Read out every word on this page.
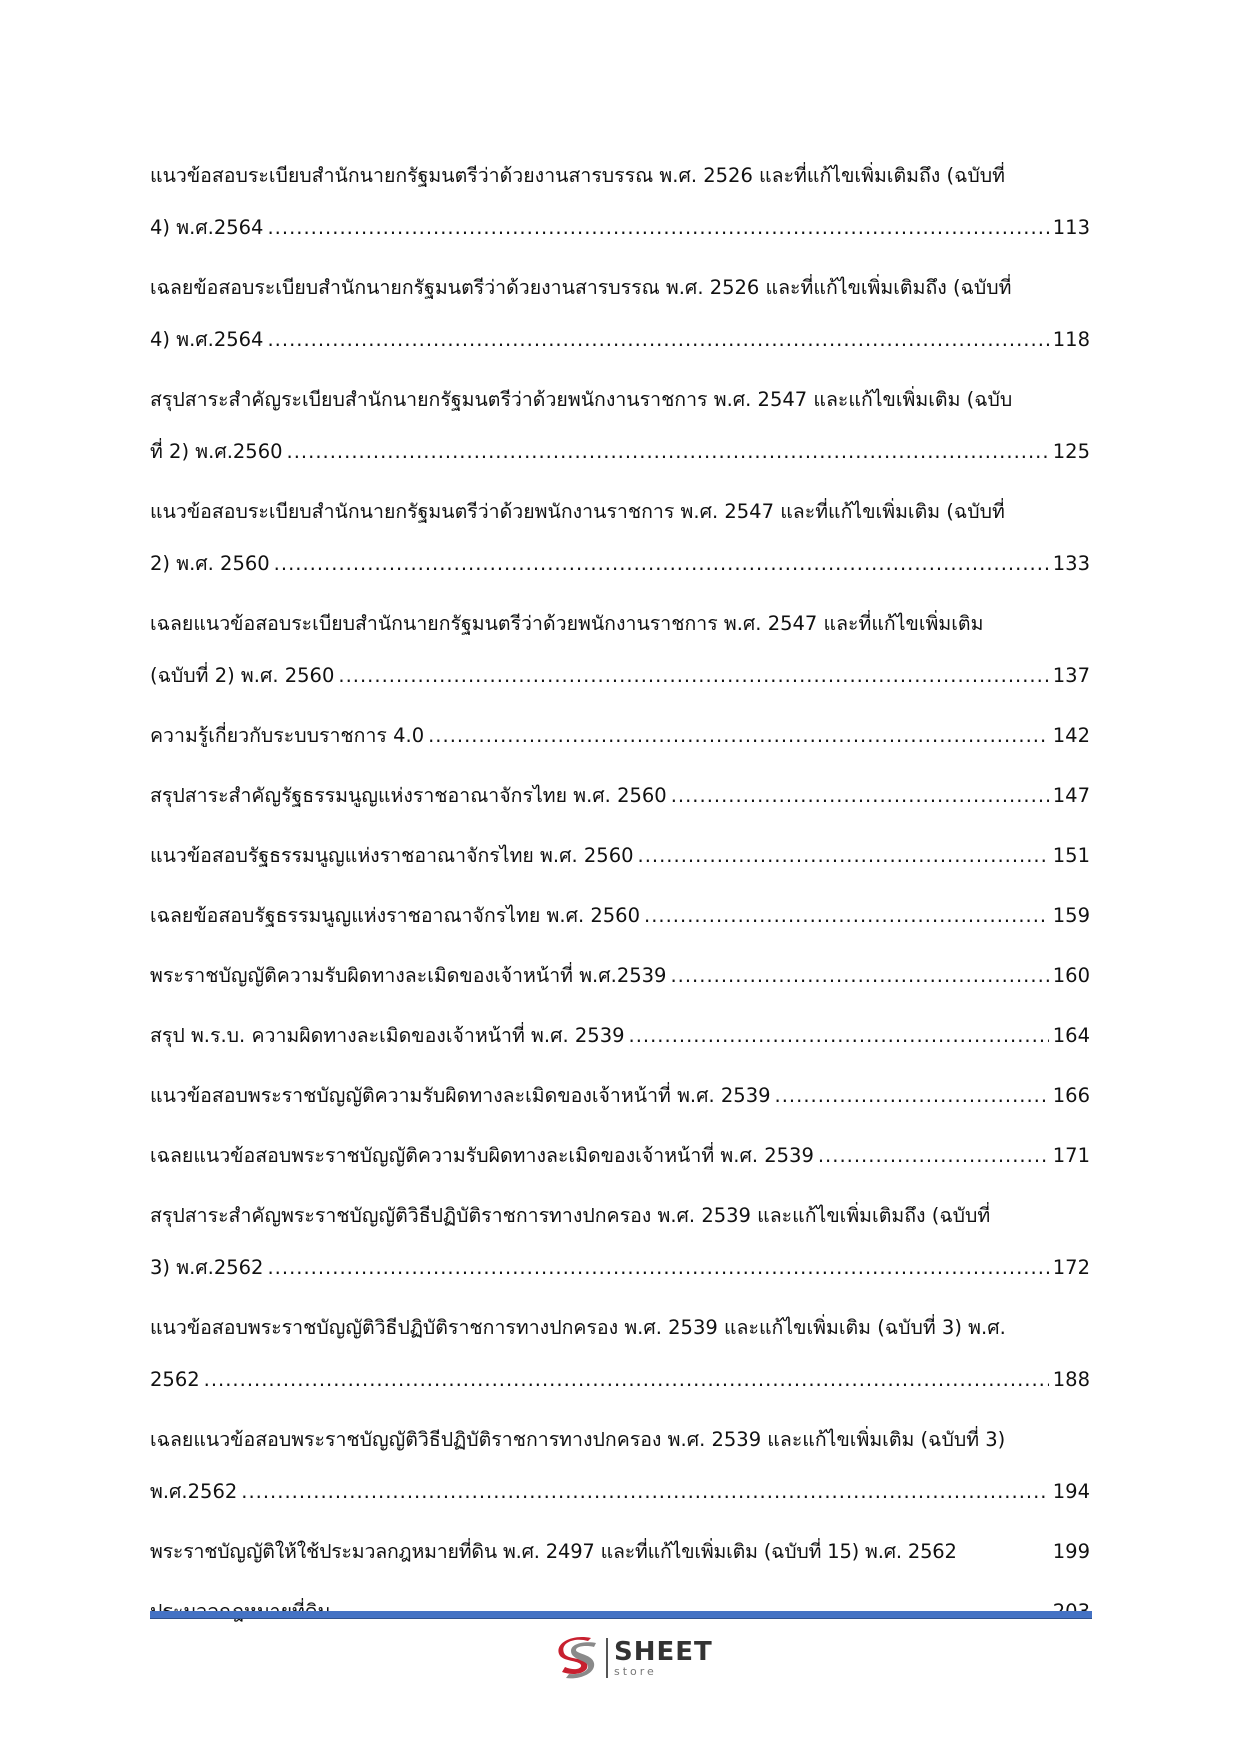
แนวข้อสอบระเบียบสำนักนายกรัฐมนตรีว่าด้วยงานสารบรรณ พ.ศ. 2526 และที่แก้ไขเพิ่มเติมถึง (ฉบับที่
4) พ.ศ.2564 .....	113
เฉลยข้อสอบระเบียบสำนักนายกรัฐมนตรีว่าด้วยงานสารบรรณ พ.ศ. 2526 และที่แก้ไขเพิ่มเติมถึง (ฉบับที่
4) พ.ศ.2564 .....	118
สรุปสาระสำคัญระเบียบสำนักนายกรัฐมนตรีว่าด้วยพนักงานราชการ พ.ศ. 2547 และแก้ไขเพิ่มเติม (ฉบับ
ที่ 2) พ.ศ.2560 .....	125
แนวข้อสอบระเบียบสำนักนายกรัฐมนตรีว่าด้วยพนักงานราชการ พ.ศ. 2547 และที่แก้ไขเพิ่มเติม (ฉบับที่
2) พ.ศ. 2560 .....	133
เฉลยแนวข้อสอบระเบียบสำนักนายกรัฐมนตรีว่าด้วยพนักงานราชการ พ.ศ. 2547 และที่แก้ไขเพิ่มเติม
(ฉบับที่ 2) พ.ศ. 2560 .....	137
ความรู้เกี่ยวกับระบบราชการ 4.0 .....	142
สรุปสาระสำคัญรัฐธรรมนูญแห่งราชอาณาจักรไทย พ.ศ. 2560 .....	147
แนวข้อสอบรัฐธรรมนูญแห่งราชอาณาจักรไทย พ.ศ. 2560 .....	151
เฉลยข้อสอบรัฐธรรมนูญแห่งราชอาณาจักรไทย พ.ศ. 2560 .....	159
พระราชบัญญัติความรับผิดทางละเมิดของเจ้าหน้าที่ พ.ศ.2539 .....	160
สรุป พ.ร.บ. ความผิดทางละเมิดของเจ้าหน้าที่ พ.ศ. 2539 .....	164
แนวข้อสอบพระราชบัญญัติความรับผิดทางละเมิดของเจ้าหน้าที่ พ.ศ. 2539 .....	166
เฉลยแนวข้อสอบพระราชบัญญัติความรับผิดทางละเมิดของเจ้าหน้าที่ พ.ศ. 2539 .....	171
สรุปสาระสำคัญพระราชบัญญัติวิธีปฏิบัติราชการทางปกครอง พ.ศ. 2539 และแก้ไขเพิ่มเติมถึง (ฉบับที่
3) พ.ศ.2562 .....	172
แนวข้อสอบพระราชบัญญัติวิธีปฏิบัติราชการทางปกครอง พ.ศ. 2539 และแก้ไขเพิ่มเติม (ฉบับที่ 3) พ.ศ.
2562 .....	188
เฉลยแนวข้อสอบพระราชบัญญัติวิธีปฏิบัติราชการทางปกครอง พ.ศ. 2539 และแก้ไขเพิ่มเติม (ฉบับที่ 3)
พ.ศ.2562 .....	194
พระราชบัญญัติให้ใช้ประมวลกฎหมายที่ดิน พ.ศ. 2497 และที่แก้ไขเพิ่มเติม (ฉบับที่ 15) พ.ศ. 2562	199
.....
SHEET
store
